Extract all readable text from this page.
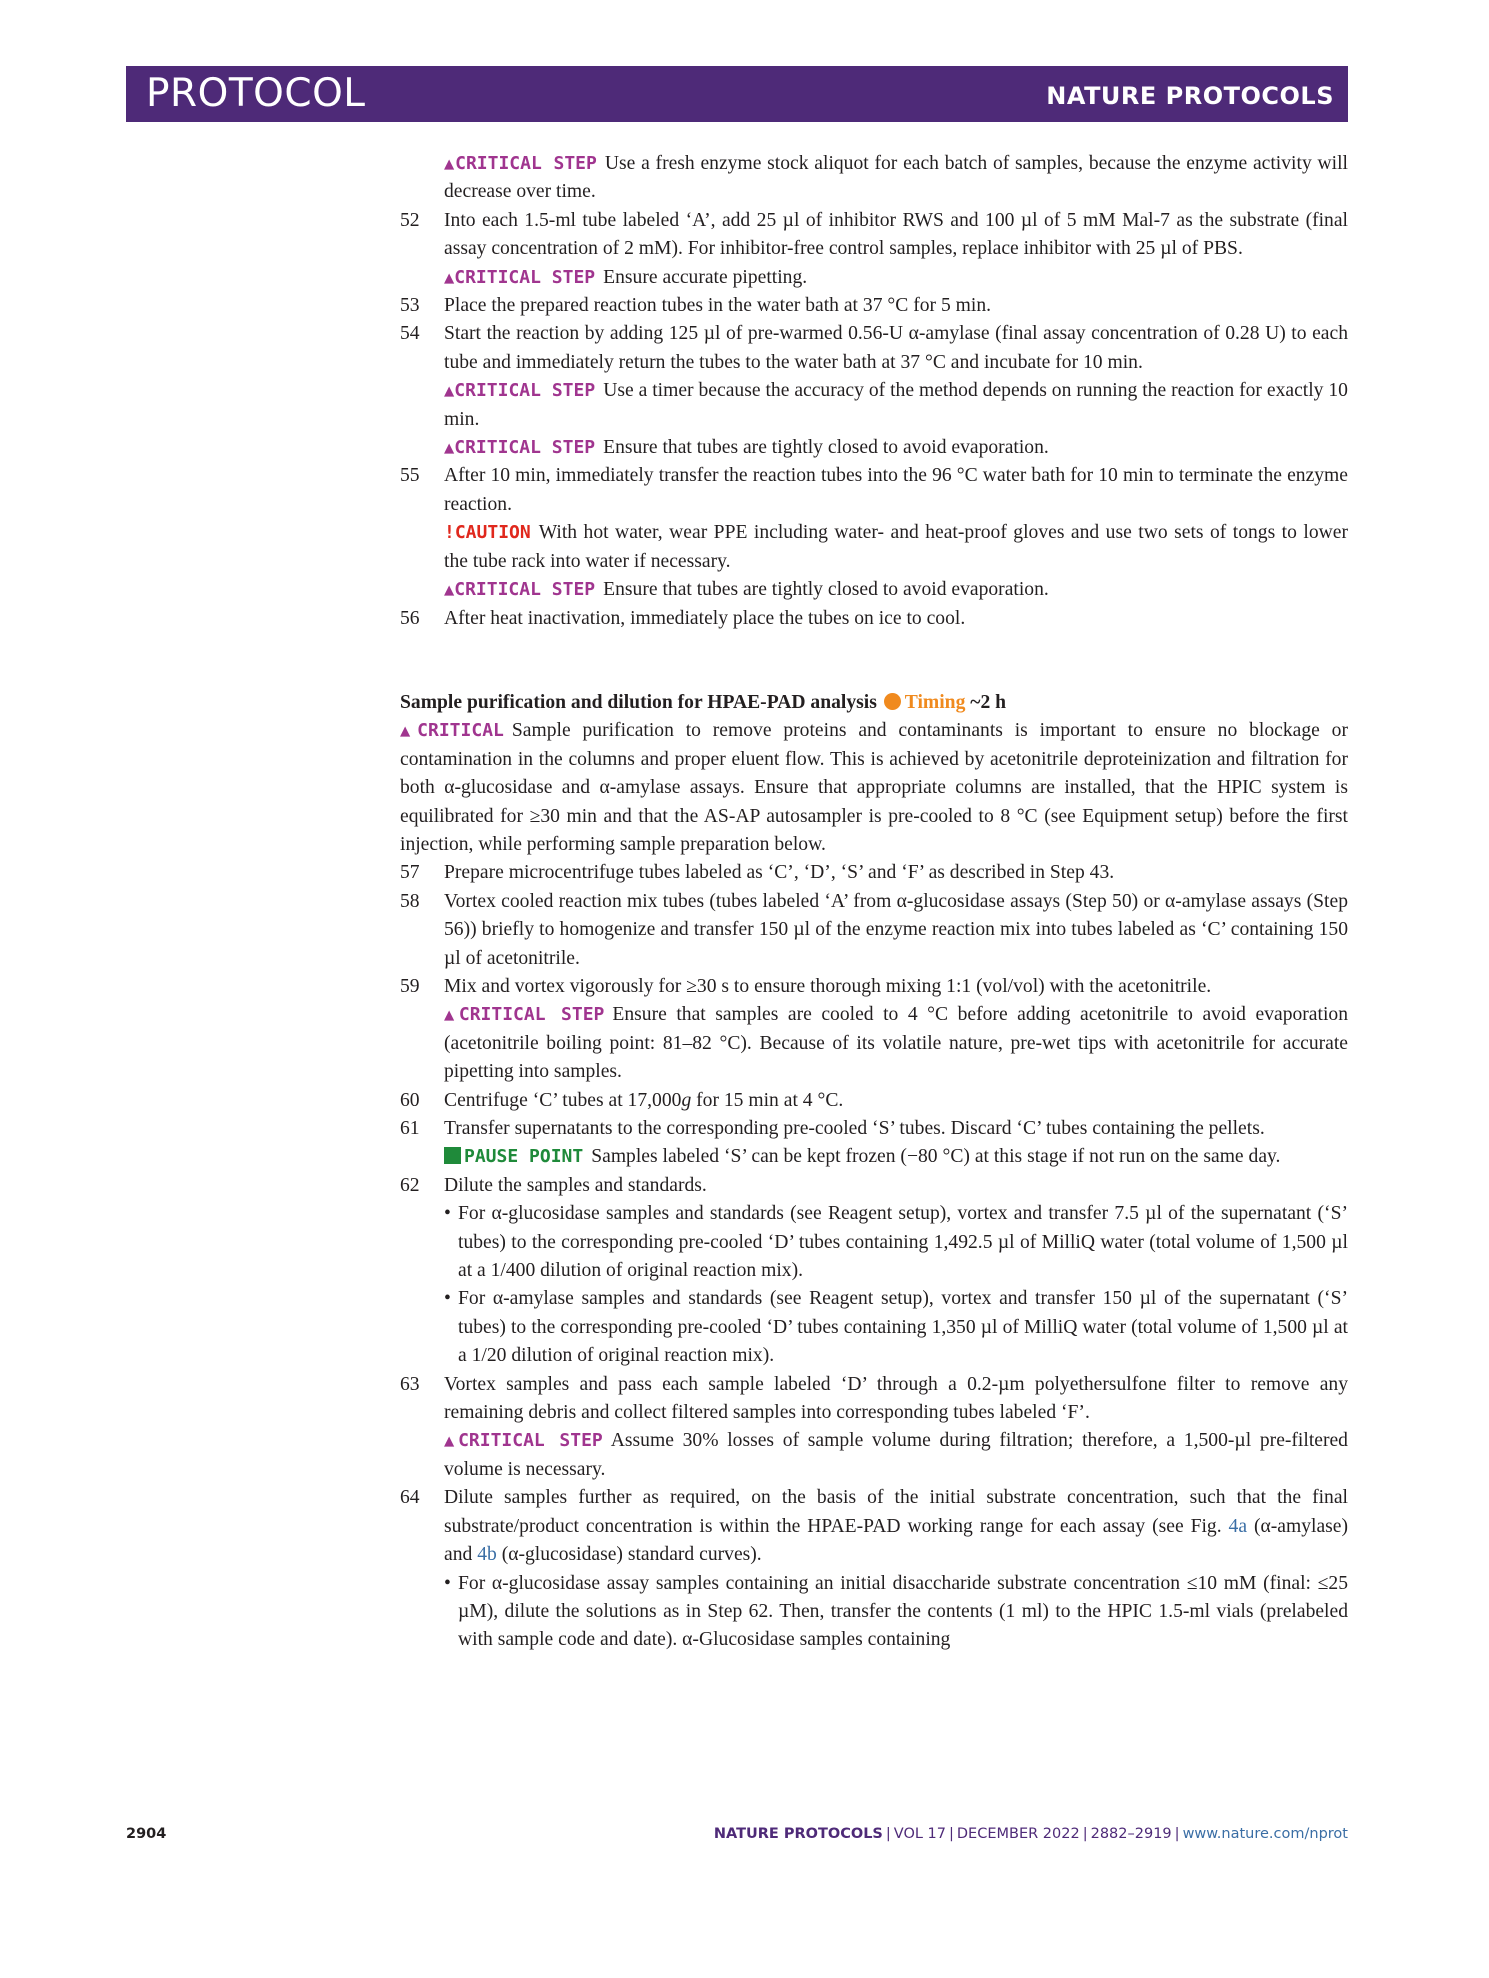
PROTOCOL	NATURE PROTOCOLS

▲CRITICAL STEP Use a fresh enzyme stock aliquot for each batch of samples, because the enzyme activity will decrease over time.

52 Into each 1.5-ml tube labeled ‘A’, add 25 µl of inhibitor RWS and 100 µl of 5 mM Mal-7 as the substrate (final assay concentration of 2 mM). For inhibitor-free control samples, replace inhibitor with 25 µl of PBS.
▲CRITICAL STEP Ensure accurate pipetting.
53 Place the prepared reaction tubes in the water bath at 37 °C for 5 min.
54 Start the reaction by adding 125 µl of pre-warmed 0.56-U α-amylase (final assay concentration of 0.28 U) to each tube and immediately return the tubes to the water bath at 37 °C and incubate for 10 min.
▲CRITICAL STEP Use a timer because the accuracy of the method depends on running the reaction for exactly 10 min.
▲CRITICAL STEP Ensure that tubes are tightly closed to avoid evaporation.
55 After 10 min, immediately transfer the reaction tubes into the 96 °C water bath for 10 min to terminate the enzyme reaction.
!CAUTION With hot water, wear PPE including water- and heat-proof gloves and use two sets of tongs to lower the tube rack into water if necessary.
▲CRITICAL STEP Ensure that tubes are tightly closed to avoid evaporation.
56 After heat inactivation, immediately place the tubes on ice to cool.
Sample purification and dilution for HPAE-PAD analysis Timing ~2 h

▲CRITICAL Sample purification to remove proteins and contaminants is important to ensure no blockage or contamination in the columns and proper eluent flow. This is achieved by acetonitrile deproteinization and filtration for both α-glucosidase and α-amylase assays. Ensure that appropriate columns are installed, that the HPIC system is equilibrated for ≥30 min and that the AS-AP autosampler is pre-cooled to 8 °C (see Equipment setup) before the first injection, while performing sample preparation below.

57 Prepare microcentrifuge tubes labeled as ‘C’, ‘D’, ‘S’ and ‘F’ as described in Step 43.
58 Vortex cooled reaction mix tubes (tubes labeled ‘A’ from α-glucosidase assays (Step 50) or α-amylase assays (Step 56)) briefly to homogenize and transfer 150 µl of the enzyme reaction mix into tubes labeled as ‘C’ containing 150 µl of acetonitrile.
59 Mix and vortex vigorously for ≥30 s to ensure thorough mixing 1:1 (vol/vol) with the acetonitrile.
▲CRITICAL STEP Ensure that samples are cooled to 4 °C before adding acetonitrile to avoid evaporation (acetonitrile boiling point: 81–82 °C). Because of its volatile nature, pre-wet tips with acetonitrile for accurate pipetting into samples.
60 Centrifuge ‘C’ tubes at 17,000g for 15 min at 4 °C.
61 Transfer supernatants to the corresponding pre-cooled ‘S’ tubes. Discard ‘C’ tubes containing the pellets.
PAUSE POINT Samples labeled ‘S’ can be kept frozen (−80 °C) at this stage if not run on the same day.
62 Dilute the samples and standards.
• For α-glucosidase samples and standards (see Reagent setup), vortex and transfer 7.5 µl of the supernatant (‘S’ tubes) to the corresponding pre-cooled ‘D’ tubes containing 1,492.5 µl of MilliQ water (total volume of 1,500 µl at a 1/400 dilution of original reaction mix).
• For α-amylase samples and standards (see Reagent setup), vortex and transfer 150 µl of the supernatant (‘S’ tubes) to the corresponding pre-cooled ‘D’ tubes containing 1,350 µl of MilliQ water (total volume of 1,500 µl at a 1/20 dilution of original reaction mix).
63 Vortex samples and pass each sample labeled ‘D’ through a 0.2-µm polyethersulfone filter to remove any remaining debris and collect filtered samples into corresponding tubes labeled ‘F’.
▲CRITICAL STEP Assume 30% losses of sample volume during filtration; therefore, a 1,500-µl pre-filtered volume is necessary.
64 Dilute samples further as required, on the basis of the initial substrate concentration, such that the final substrate/product concentration is within the HPAE-PAD working range for each assay (see Fig. 4a (α-amylase) and 4b (α-glucosidase) standard curves).
• For α-glucosidase assay samples containing an initial disaccharide substrate concentration ≤10 mM (final: ≤25 µM), dilute the solutions as in Step 62. Then, transfer the contents (1 ml) to the HPIC 1.5-ml vials (prelabeled with sample code and date). α-Glucosidase samples containing
2904	NATURE PROTOCOLS | VOL 17 | DECEMBER 2022 | 2882–2919 | www.nature.com/nprot
